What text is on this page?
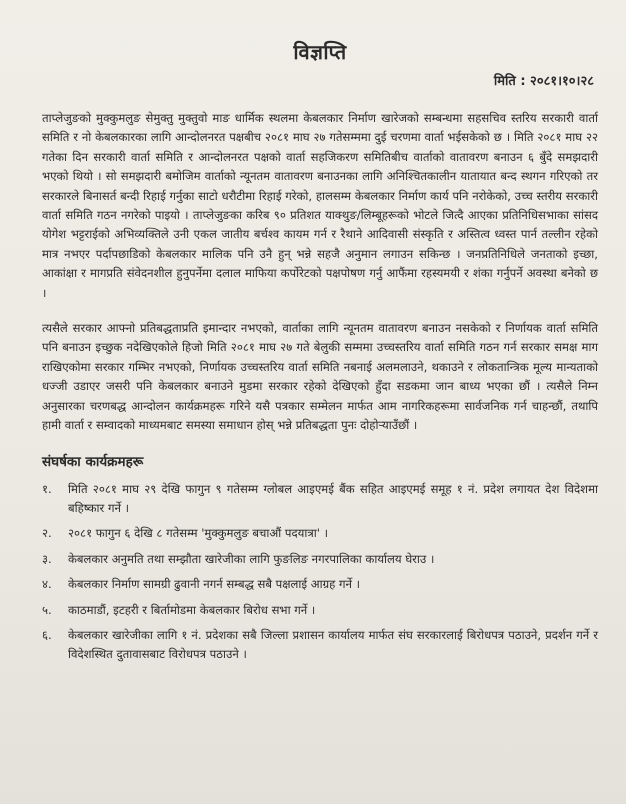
विज्ञप्ति
मिति : २०८१।१०।२८

ताप्लेजुङको मुक्कुमलुङ सेमुक्तु मुक्तुवो माङ धार्मिक स्थलमा केबलकार निर्माण खारेजको सम्बन्धमा सहसचिव स्तरिय सरकारी वार्ता समिति र नो केबलकारका लागि आन्दोलनरत पक्षबीच २०८१ माघ २७ गतेसम्ममा दुई चरणमा वार्ता भईसकेको छ । मिति २०८१ माघ २२ गतेका दिन सरकारी वार्ता समिति र आन्दोलनरत पक्षको वार्ता सहजिकरण समितिबीच वार्ताको वातावरण बनाउन ६ बुँदे समझदारी भएको थियो । सो समझदारी बमोजिम वार्ताको न्यूनतम वातावरण बनाउनका लागि अनिश्चितकालीन यातायात बन्द स्थगन गरिएको तर सरकारले बिनासर्त बन्दी रिहाई गर्नुका साटो धरौटीमा रिहाई गरेको, हालसम्म केबलकार निर्माण कार्य पनि नरोकेको, उच्च स्तरीय सरकारी वार्ता समिति गठन नगरेको पाइयो । ताप्लेजुङका करिब ९० प्रतिशत याक्थुङ/लिम्बूहरूको भोटले जित्दै आएका प्रतिनिधिसभाका सांसद योगेश भट्टराईको अभिव्यक्तिले उनी एकल जातीय बर्चश्व कायम गर्न र रैथाने आदिवासी संस्कृति र अस्तित्व ध्वस्त पार्न तल्लीन रहेको मात्र नभएर पर्दापछाडिको केबलकार मालिक पनि उनै हुन् भन्ने सहजै अनुमान लगाउन सकिन्छ । जनप्रतिनिधिले जनताको इच्छा, आकांक्षा र मागप्रति संवेदनशील हुनुपर्नेमा दलाल माफिया कर्पोरेटको पक्षपोषण गर्नु आफैंमा रहस्यमयी र शंका गर्नुपर्ने अवस्था बनेको छ ।

त्यसैले सरकार आफ्नो प्रतिबद्धताप्रति इमान्दार नभएको, वार्ताका लागि न्यूनतम वातावरण बनाउन नसकेको र निर्णायक वार्ता समिति पनि बनाउन इच्छुक नदेखिएकोले हिजो मिति २०८१ माघ २७ गते बेलुकी सम्ममा उच्चस्तरिय वार्ता समिति गठन गर्न सरकार समक्ष माग राखिएकोमा सरकार गम्भिर नभएको, निर्णायक उच्चस्तरिय वार्ता समिति नबनाई अलमलाउने, थकाउने र लोकतान्त्रिक मूल्य मान्यताको धज्जी उडाएर जसरी पनि केबलकार बनाउने मुडमा सरकार रहेको देखिएको हुँदा सडकमा जान बाध्य भएका छौं । त्यसैले निम्न अनुसारका चरणबद्ध आन्दोलन कार्यक्रमहरू गरिने यसै पत्रकार सम्मेलन मार्फत आम नागरिकहरूमा सार्वजनिक गर्न चाहन्छौं, तथापि हामी वार्ता र सम्वादको माध्यमबाट समस्या समाधान होस् भन्ने प्रतिबद्धता पुनः दोहोऱ्याउँछौं ।

संघर्षका कार्यक्रमहरू
१.	मिति २०८१ माघ २९ देखि फागुन ९ गतेसम्म ग्लोबल आइएमई बैंक सहित आइएमई समूह १ नं. प्रदेश लगायत देश विदेशमा बहिष्कार गर्ने ।
२.	२०८१ फागुन ६ देखि ८ गतेसम्म 'मुक्कुमलुङ बचाऔं पदयात्रा' ।
३.	केबलकार अनुमति तथा सम्झौता खारेजीका लागि फुङलिङ नगरपालिका कार्यालय घेराउ ।
४.	केबलकार निर्माण सामग्री ढुवानी नगर्न सम्बद्ध सबै पक्षलाई आग्रह गर्ने ।
५.	काठमाडौं, इटहरी र बिर्तामोडमा केबलकार बिरोध सभा गर्ने ।
६.	केबलकार खारेजीका लागि १ नं. प्रदेशका सबै जिल्ला प्रशासन कार्यालय मार्फत संघ सरकारलाई बिरोधपत्र पठाउने, प्रदर्शन गर्ने र विदेशस्थित दुतावासबाट विरोधपत्र पठाउने ।
